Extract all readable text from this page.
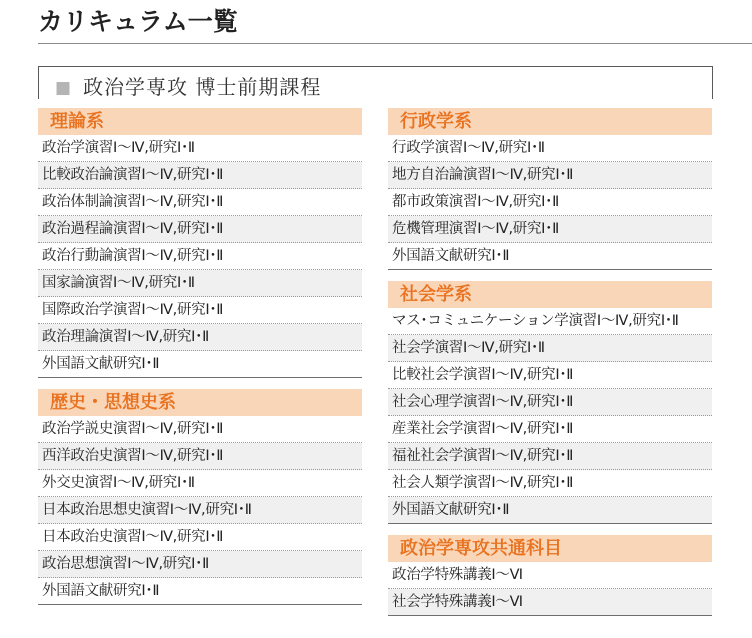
カリキュラム一覧
■ 政治学専攻 博士前期課程
理論系
政治学演習Ⅰ〜Ⅳ,研究Ⅰ･Ⅱ
比較政治論演習Ⅰ〜Ⅳ,研究Ⅰ･Ⅱ
政治体制論演習Ⅰ〜Ⅳ,研究Ⅰ･Ⅱ
政治過程論演習Ⅰ〜Ⅳ,研究Ⅰ･Ⅱ
政治行動論演習Ⅰ〜Ⅳ,研究Ⅰ･Ⅱ
国家論演習Ⅰ〜Ⅳ,研究Ⅰ･Ⅱ
国際政治学演習Ⅰ〜Ⅳ,研究Ⅰ･Ⅱ
政治理論演習Ⅰ〜Ⅳ,研究Ⅰ･Ⅱ
外国語文献研究Ⅰ･Ⅱ
歴史・思想史系
政治学説史演習Ⅰ〜Ⅳ,研究Ⅰ･Ⅱ
西洋政治史演習Ⅰ〜Ⅳ,研究Ⅰ･Ⅱ
外交史演習Ⅰ〜Ⅳ,研究Ⅰ･Ⅱ
日本政治思想史演習Ⅰ〜Ⅳ,研究Ⅰ･Ⅱ
日本政治史演習Ⅰ〜Ⅳ,研究Ⅰ･Ⅱ
政治思想演習Ⅰ〜Ⅳ,研究Ⅰ･Ⅱ
外国語文献研究Ⅰ･Ⅱ
行政学系
行政学演習Ⅰ〜Ⅳ,研究Ⅰ･Ⅱ
地方自治論演習Ⅰ〜Ⅳ,研究Ⅰ･Ⅱ
都市政策演習Ⅰ〜Ⅳ,研究Ⅰ･Ⅱ
危機管理演習Ⅰ〜Ⅳ,研究Ⅰ･Ⅱ
外国語文献研究Ⅰ･Ⅱ
社会学系
マス･コミュニケーション学演習Ⅰ〜Ⅳ,研究Ⅰ･Ⅱ
社会学演習Ⅰ〜Ⅳ,研究Ⅰ･Ⅱ
比較社会学演習Ⅰ〜Ⅳ,研究Ⅰ･Ⅱ
社会心理学演習Ⅰ〜Ⅳ,研究Ⅰ･Ⅱ
産業社会学演習Ⅰ〜Ⅳ,研究Ⅰ･Ⅱ
福祉社会学演習Ⅰ〜Ⅳ,研究Ⅰ･Ⅱ
社会人類学演習Ⅰ〜Ⅳ,研究Ⅰ･Ⅱ
外国語文献研究Ⅰ･Ⅱ
政治学専攻共通科目
政治学特殊講義Ⅰ〜Ⅵ
社会学特殊講義Ⅰ〜Ⅵ
